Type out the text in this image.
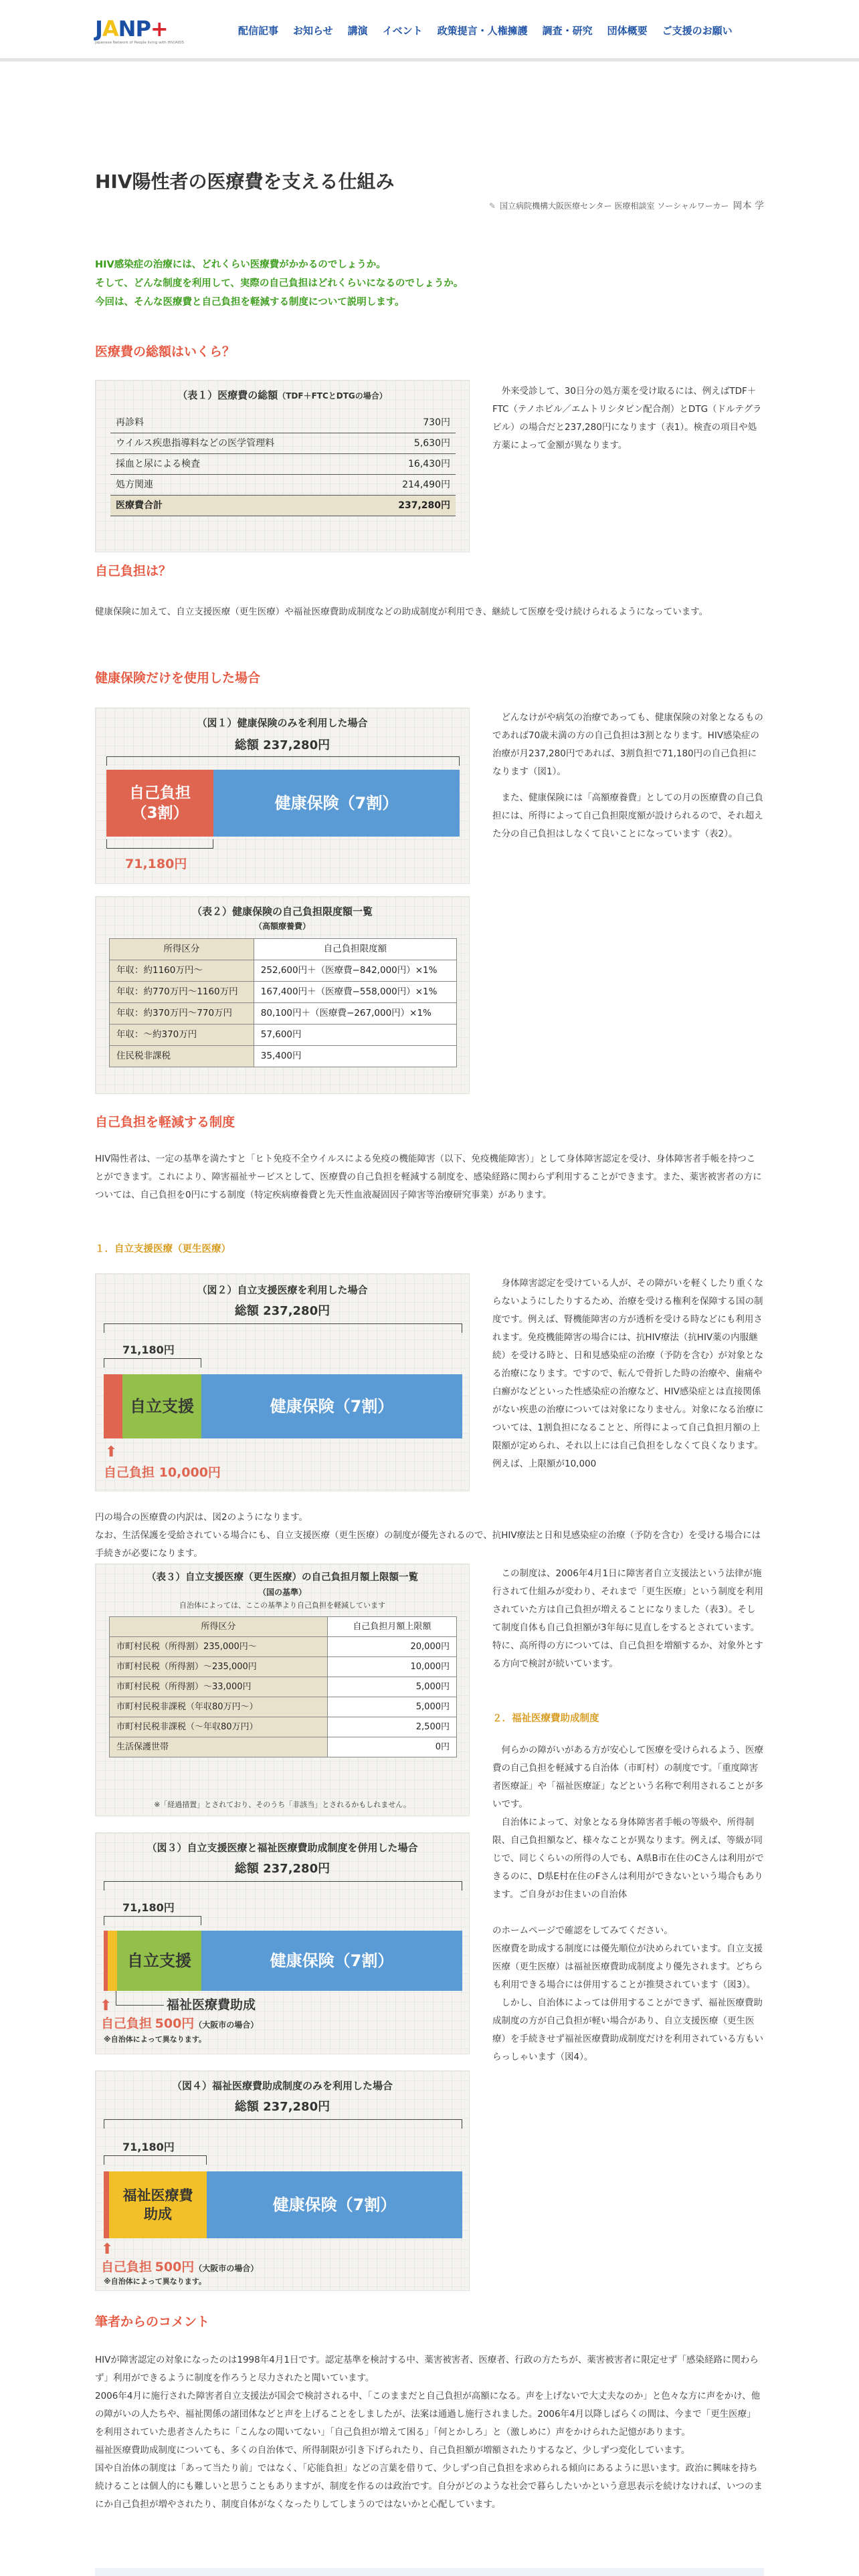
JANP+
Japanese Network of People living with HIV/AIDS
配信記事 お知らせ 講演 イベント 政策提言・人権擁護 調査・研究 団体概要 ご支援のお願い
HIV陽性者の医療費を支える仕組み
✎ 国立病院機構大阪医療センター 医療相談室 ソーシャルワーカー 岡本 学
HIV感染症の治療には、どれくらい医療費がかかるのでしょうか。
そして、どんな制度を利用して、実際の自己負担はどれくらいになるのでしょうか。
今回は、そんな医療費と自己負担を軽減する制度について説明します。
医療費の総額はいくら？
（表１）医療費の総額（TDF＋FTCとDTGの場合）
再診料	730円
ウイルス疾患指導料などの医学管理料	5,630円
採血と尿による検査	16,430円
処方関連	214,490円
医療費合計	237,280円
外来受診して、30日分の処方薬を受け取るには、例えばTDF＋FTC（テノホビル／エムトリシタビン配合剤）とDTG（ドルテグラビル）の場合だと237,280円になります（表1）。検査の項目や処方薬によって金額が異なります。
自己負担は？
健康保険に加えて、自立支援医療（更生医療）や福祉医療費助成制度などの助成制度が利用でき、継続して医療を受け続けられるようになっています。
健康保険だけを使用した場合
（図１）健康保険のみを利用した場合
総額 237,280円
自己負担
（3割）
健康保険（7割）
71,180円
どんなけがや病気の治療であっても、健康保険の対象となるものであれば70歳未満の方の自己負担は3割となります。HIV感染症の治療が月237,280円であれば、3割負担で71,180円の自己負担になります（図1）。
また、健康保険には「高額療養費」としての月の医療費の自己負担には、所得によって自己負担限度額が設けられるので、それ超えた分の自己負担はしなくて良いことになっています（表2）。
（表２）健康保険の自己負担限度額一覧
（高額療養費）
所得区分	自己負担限度額
年収：約1160万円〜	252,600円＋（医療費−842,000円）×1%
年収：約770万円〜1160万円	167,400円＋（医療費−558,000円）×1%
年収：約370万円〜770万円	80,100円＋（医療費−267,000円）×1%
年収：〜約370万円	57,600円
住民税非課税	35,400円
自己負担を軽減する制度
HIV陽性者は、一定の基準を満たすと「ヒト免疫不全ウイルスによる免疫の機能障害（以下、免疫機能障害）」として身体障害認定を受け、身体障害者手帳を持つことができます。これにより、障害福祉サービスとして、医療費の自己負担を軽減する制度を、感染経路に関わらず利用することができます。また、薬害被害者の方については、自己負担を0円にする制度（特定疾病療養費と先天性血液凝固因子障害等治療研究事業）があります。
１．自立支援医療（更生医療）
（図２）自立支援医療を利用した場合
総額 237,280円
71,180円
自立支援	健康保険（7割）
⬆
自己負担 10,000円
身体障害認定を受けている人が、その障がいを軽くしたり重くならないようにしたりするため、治療を受ける権利を保障する国の制度です。例えば、腎機能障害の方が透析を受ける時などにも利用されます。免疫機能障害の場合には、抗HIV療法（抗HIV薬の内服継続）を受ける時と、日和見感染症の治療（予防を含む）が対象となる治療になります。ですので、転んで骨折した時の治療や、歯痛や白癬がなどといった性感染症の治療など、HIV感染症とは直接関係がない疾患の治療については対象になりません。対象になる治療については、1割負担になることと、所得によって自己負担月額の上限額が定められ、それ以上には自己負担をしなくて良くなります。例えば、上限額が10,000
円の場合の医療費の内訳は、図2のようになります。
なお、生活保護を受給されている場合にも、自立支援医療（更生医療）の制度が優先されるので、抗HIV療法と日和見感染症の治療（予防を含む）を受ける場合には手続きが必要になります。
（表３）自立支援医療（更生医療）の自己負担月額上限額一覧
（国の基準）
自治体によっては、ここの基準より自己負担を軽減しています
所得区分	自己負担月額上限額
市町村民税（所得割）235,000円〜	20,000円
市町村民税（所得割）〜235,000円	10,000円
市町村民税（所得割）〜33,000円	5,000円
市町村民税非課税（年収80万円〜）	5,000円
市町村民税非課税（〜年収80万円）	2,500円
生活保護世帯	0円
※「経過措置」とされており、そのうち「非該当」とされるかもしれません。
この制度は、2006年4月1日に障害者自立支援法という法律が施行されて仕組みが変わり、それまで「更生医療」という制度を利用されていた方は自己負担が増えることになりました（表3）。そして制度自体も自己負担額が3年毎に見直しをするとされています。特に、高所得の方については、自己負担を増額するか、対象外とする方向で検討が続いています。
２．福祉医療費助成制度
何らかの障がいがある方が安心して医療を受けられるよう、医療費の自己負担を軽減する自治体（市町村）の制度です。「重度障害者医療証」や「福祉医療証」などという名称で利用されることが多いです。
自治体によって、対象となる身体障害者手帳の等級や、所得制限、自己負担額など、様々なことが異なります。例えば、等級が同じで、同じくらいの所得の人でも、A県B市在住のCさんは利用ができるのに、D県E村在住のFさんは利用ができないという場合もあります。ご自身がお住まいの自治体
のホームページで確認をしてみてください。
医療費を助成する制度には優先順位が決められています。自立支援医療（更生医療）は福祉医療費助成制度より優先されます。どちらも利用できる場合には併用することが推奨されています（図3）。
しかし、自治体によっては併用することができず、福祉医療費助成制度の方が自己負担が軽い場合があり、自立支援医療（更生医療）を手続きせず福祉医療費助成制度だけを利用されている方もいらっしゃいます（図4）。
（図３）自立支援医療と福祉医療費助成制度を併用した場合
総額 237,280円
71,180円
自立支援	健康保険（7割）
福祉医療費助成
⬆
自己負担 500円（大阪市の場合）
※自治体によって異なります。
（図４）福祉医療費助成制度のみを利用した場合
総額 237,280円
71,180円
福祉医療費
助成
健康保険（7割）
⬆
自己負担 500円（大阪市の場合）
※自治体によって異なります。
筆者からのコメント
HIVが障害認定の対象になったのは1998年4月1日です。認定基準を検討する中、薬害被害者、医療者、行政の方たちが、薬害被害者に限定せず「感染経路に関わらず」利用ができるように制度を作ろうと尽力されたと聞いています。
2006年4月に施行された障害者自立支援法が国会で検討される中、「このままだと自己負担が高額になる。声を上げないで大丈夫なのか」と色々な方に声をかけ、他の障がいの人たちや、福祉関係の諸団体などと声を上げることをしましたが、法案は通過し施行されました。2006年4月以降しばらくの間は、今まで「更生医療」を利用されていた患者さんたちに「こんなの聞いてない」「自己負担が増えて困る」「何とかしろ」と（激しめに）声をかけられた記憶があります。
福祉医療費助成制度についても、多くの自治体で、所得制限が引き下げられたり、自己負担額が増額されたりするなど、少しずつ変化しています。
国や自治体の制度は「あって当たり前」ではなく、「応能負担」などの言葉を借りて、少しずつ自己負担を求められる傾向にあるように思います。政治に興味を持ち続けることは個人的にも難しいと思うこともありますが、制度を作るのは政治です。自分がどのような社会で暮らしたいかという意思表示を続けなければ、いつのまにか自己負担が増やされたり、制度自体がなくなったりしてしまうのではないかと心配しています。
